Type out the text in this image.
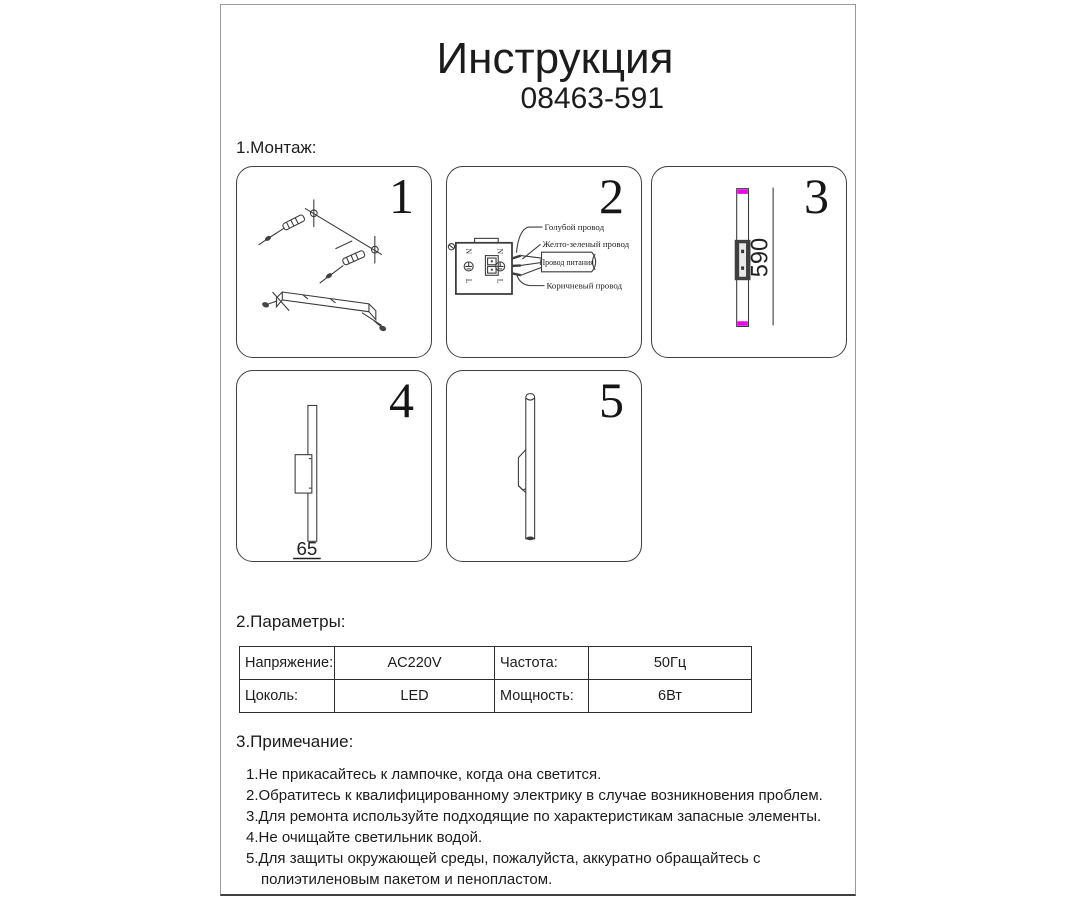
Инструкция
08463-591
1.Монтаж:
1
N
L
N
L
Голубой провод
Желто-зеленый провод
Провод питания
Коричневый провод
2
590
3
65
4	5
2.Параметры:
Напряжение:	AC220V	Частота:	50Гц
Цоколь:	LED	Мощность:	6Вт
3.Примечание:
1.Не прикасайтесь к лампочке, когда она светится.
2.Обратитесь к квалифицированному электрику в случае возникновения проблем.
3.Для ремонта используйте подходящие по характеристикам запасные элементы.
4.Не очищайте светильник водой.
5.Для защиты окружающей среды, пожалуйста, аккуратно обращайтесь с полиэтиленовым пакетом и пенопластом.
